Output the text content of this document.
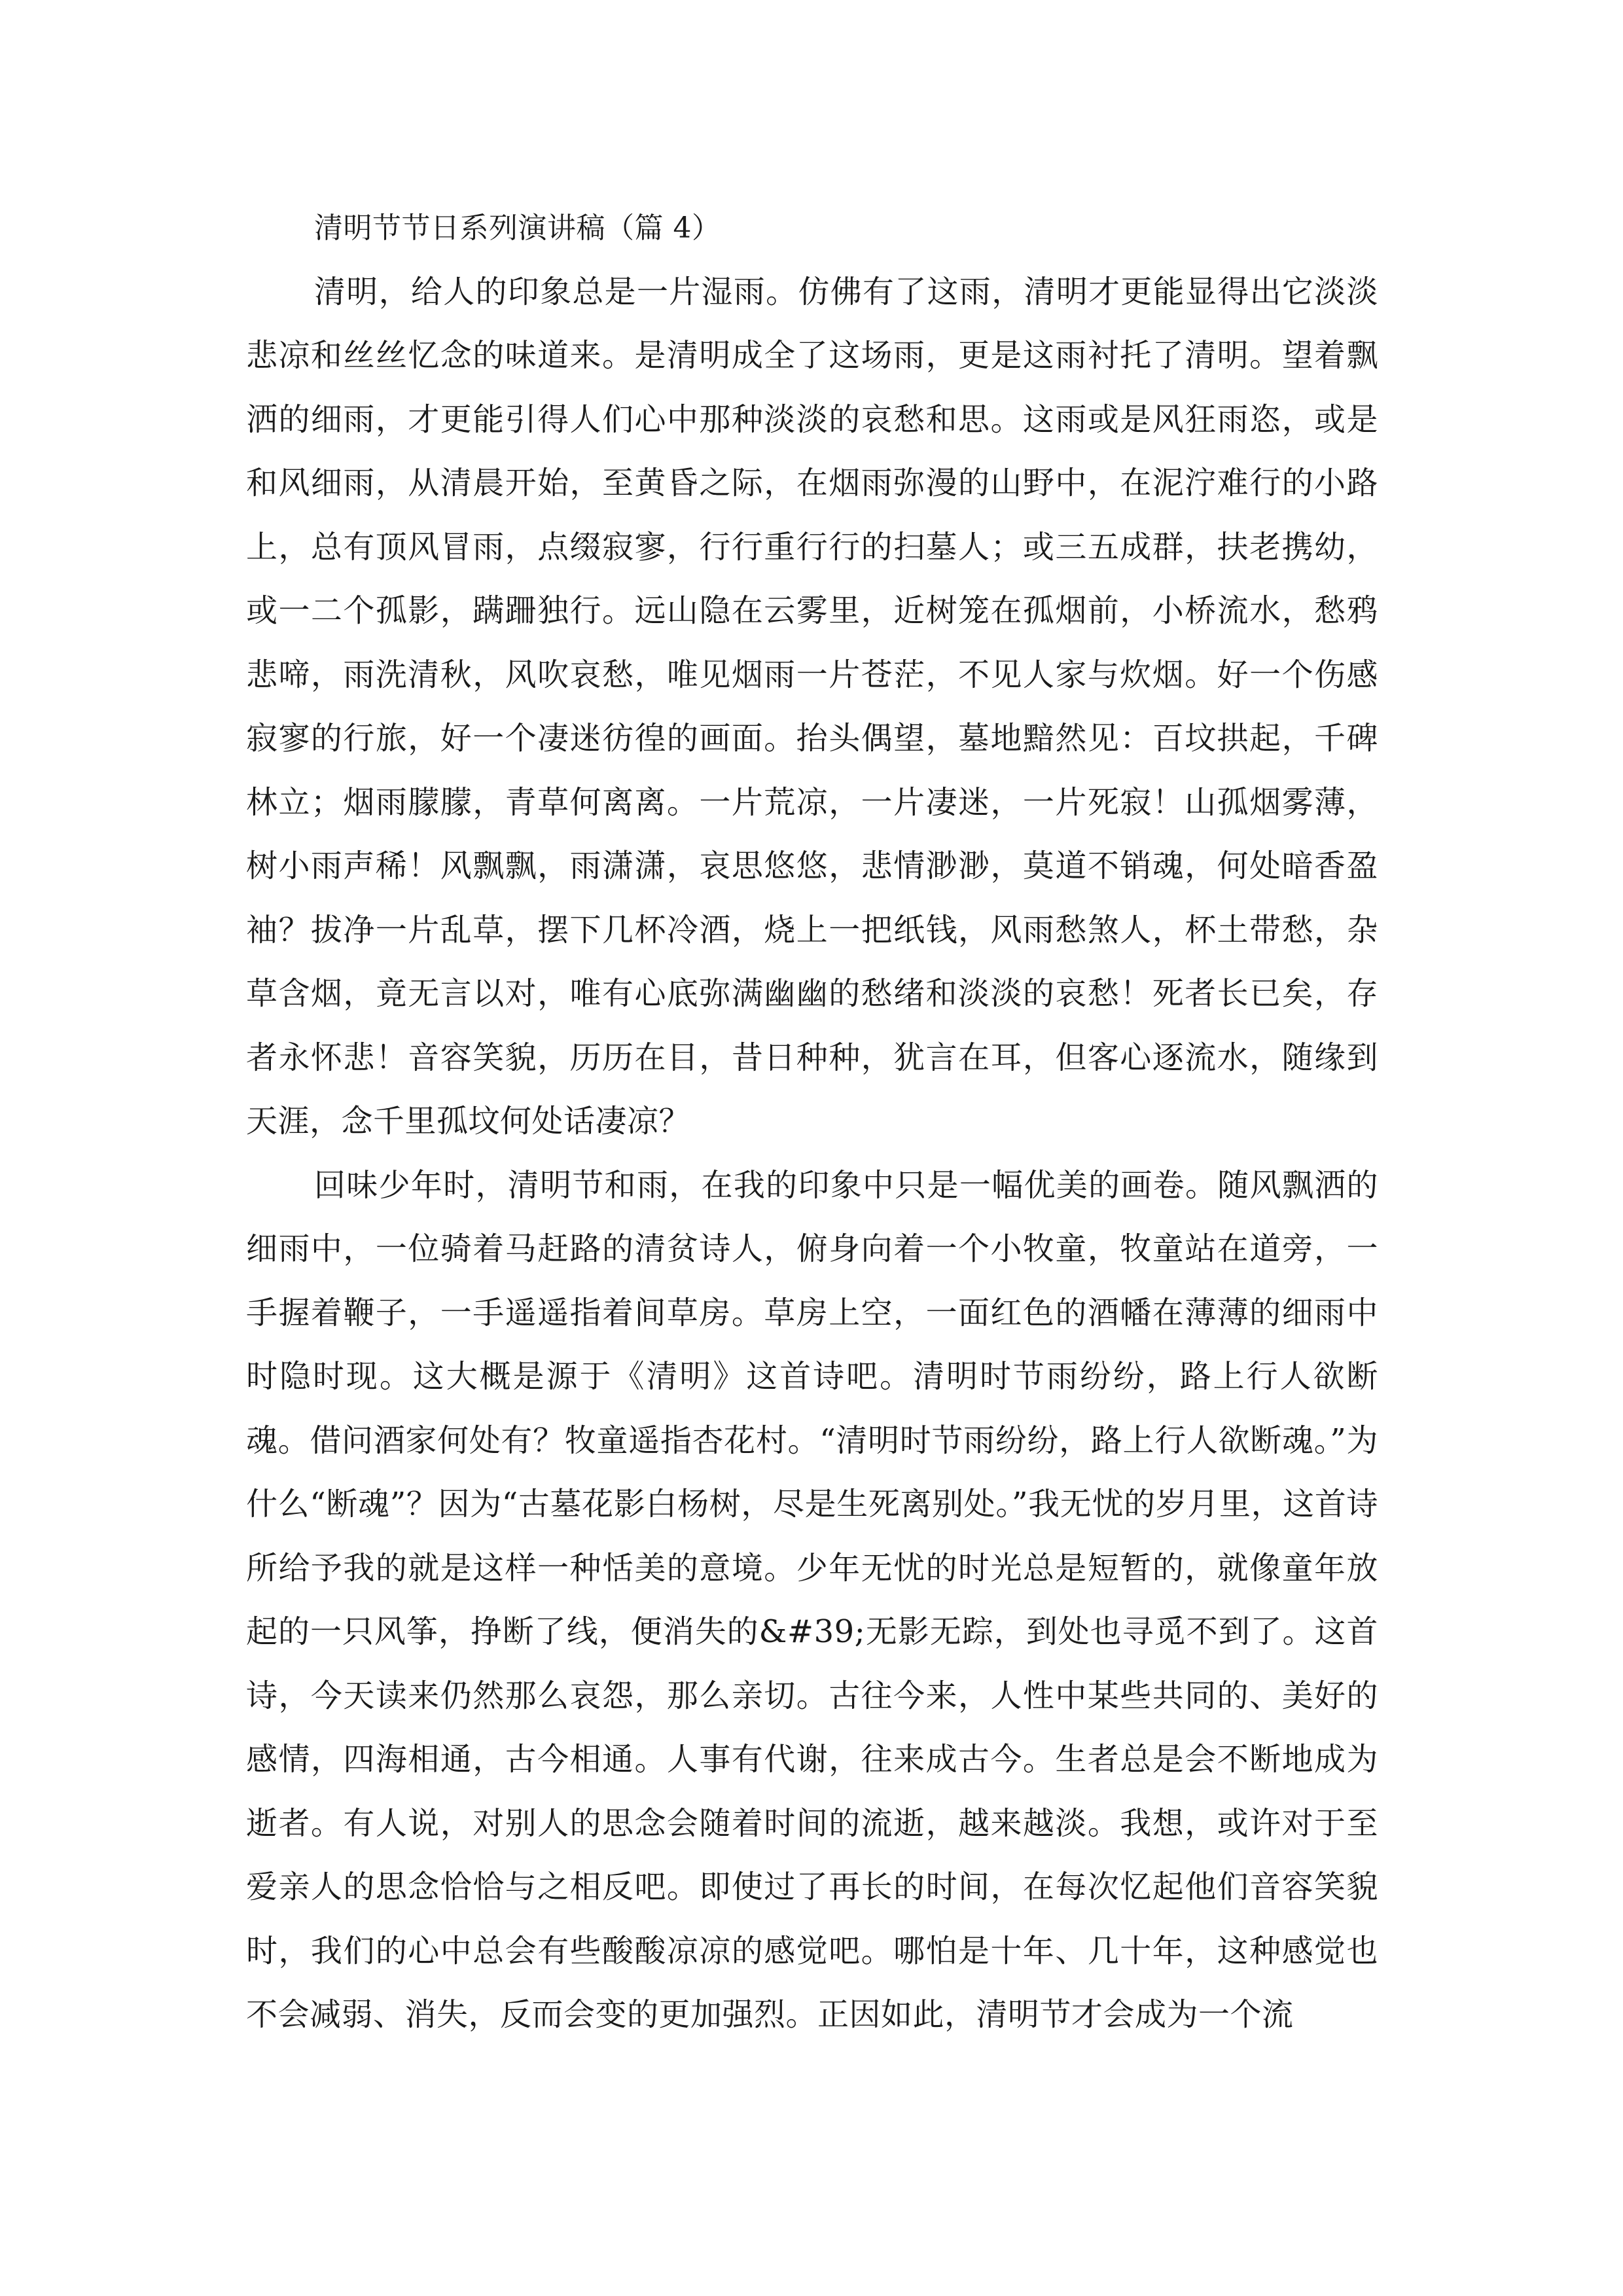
清明节节日系列演讲稿（篇 4）

清明，给人的印象总是一片湿雨。仿佛有了这雨，清明才更能显得出它淡淡悲凉和丝丝忆念的味道来。是清明成全了这场雨，更是这雨衬托了清明。望着飘洒的细雨，才更能引得人们心中那种淡淡的哀愁和思。这雨或是风狂雨恣，或是和风细雨，从清晨开始，至黄昏之际，在烟雨弥漫的山野中，在泥泞难行的小路上，总有顶风冒雨，点缀寂寥，行行重行行的扫墓人；或三五成群，扶老携幼，或一二个孤影，蹒跚独行。远山隐在云雾里，近树笼在孤烟前，小桥流水，愁鸦悲啼，雨洗清秋，风吹哀愁，唯见烟雨一片苍茫，不见人家与炊烟。好一个伤感寂寥的行旅，好一个凄迷彷徨的画面。抬头偶望，墓地黯然见：百坟拱起，千碑林立；烟雨朦朦，青草何离离。一片荒凉，一片凄迷，一片死寂！山孤烟雾薄，树小雨声稀！风飘飘，雨潇潇，哀思悠悠，悲情渺渺，莫道不销魂，何处暗香盈袖？拔净一片乱草，摆下几杯冷酒，烧上一把纸钱，风雨愁煞人，杯土带愁，杂草含烟，竟无言以对，唯有心底弥满幽幽的愁绪和淡淡的哀愁！死者长已矣，存者永怀悲！音容笑貌，历历在目，昔日种种，犹言在耳，但客心逐流水，随缘到天涯，念千里孤坟何处话凄凉？

回味少年时，清明节和雨，在我的印象中只是一幅优美的画卷。随风飘洒的细雨中，一位骑着马赶路的清贫诗人，俯身向着一个小牧童，牧童站在道旁，一手握着鞭子，一手遥遥指着间草房。草房上空，一面红色的酒幡在薄薄的细雨中时隐时现。这大概是源于《清明》这首诗吧。清明时节雨纷纷，路上行人欲断魂。借问酒家何处有？牧童遥指杏花村。“清明时节雨纷纷，路上行人欲断魂。”为什么“断魂”？因为“古墓花影白杨树，尽是生死离别处。”我无忧的岁月里，这首诗所给予我的就是这样一种恬美的意境。少年无忧的时光总是短暂的，就像童年放起的一只风筝，挣断了线，便消失的&#39;无影无踪，到处也寻觅不到了。这首诗，今天读来仍然那么哀怨，那么亲切。古往今来，人性中某些共同的、美好的感情，四海相通，古今相通。人事有代谢，往来成古今。生者总是会不断地成为逝者。有人说，对别人的思念会随着时间的流逝，越来越淡。我想，或许对于至爱亲人的思念恰恰与之相反吧。即使过了再长的时间，在每次忆起他们音容笑貌时，我们的心中总会有些酸酸凉凉的感觉吧。哪怕是十年、几十年，这种感觉也不会减弱、消失，反而会变的更加强烈。正因如此，清明节才会成为一个流
